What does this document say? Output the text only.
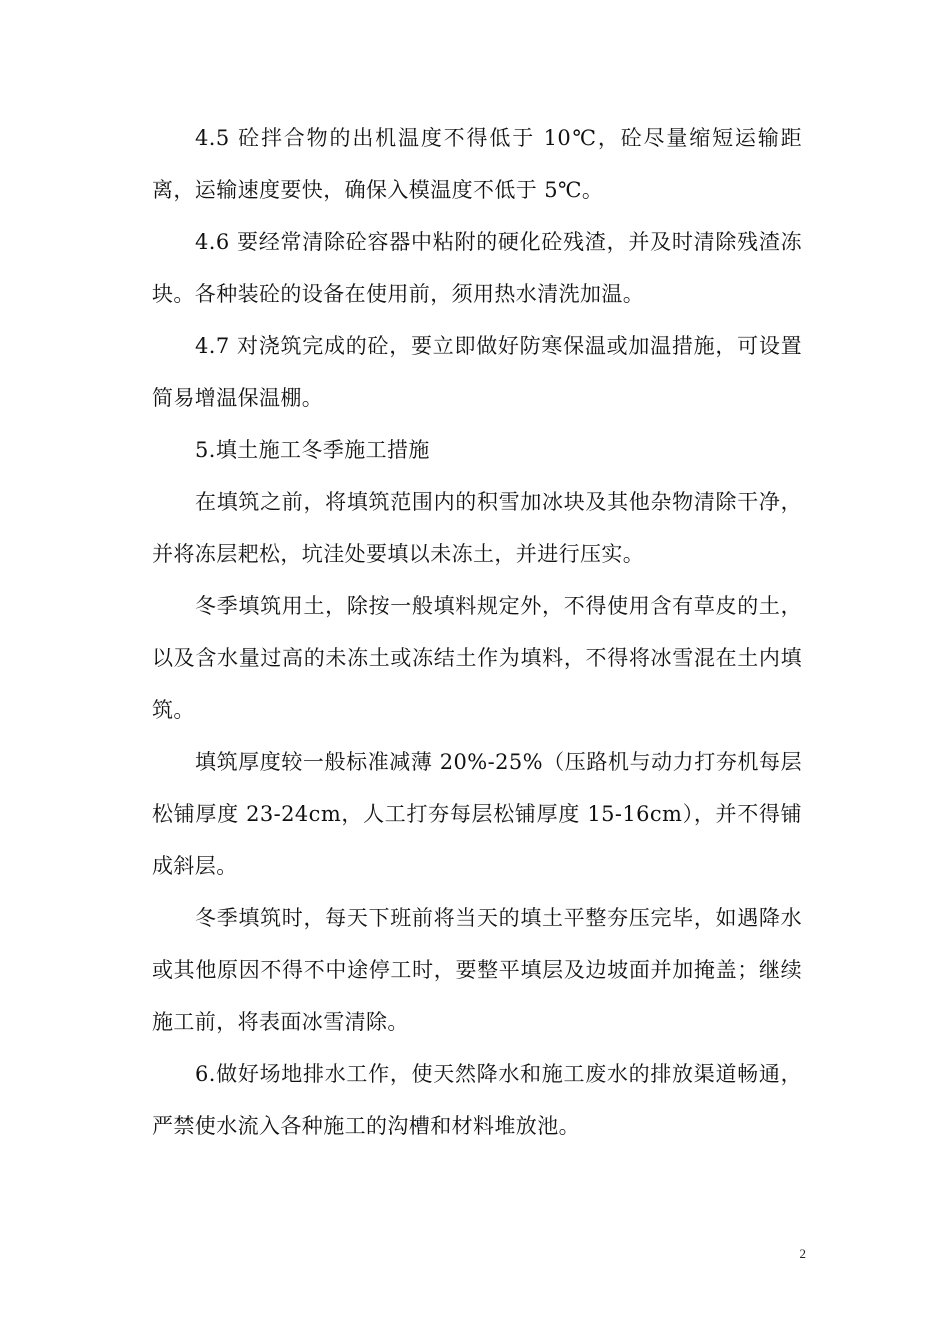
4.5 砼拌合物的出机温度不得低于 10℃，砼尽量缩短运输距离，运输速度要快，确保入模温度不低于 5℃。

4.6 要经常清除砼容器中粘附的硬化砼残渣，并及时清除残渣冻块。各种装砼的设备在使用前，须用热水清洗加温。

4.7 对浇筑完成的砼，要立即做好防寒保温或加温措施，可设置简易增温保温棚。

5.填土施工冬季施工措施

在填筑之前，将填筑范围内的积雪加冰块及其他杂物清除干净，并将冻层耙松，坑洼处要填以未冻土，并进行压实。

冬季填筑用土，除按一般填料规定外，不得使用含有草皮的土，以及含水量过高的未冻土或冻结土作为填料，不得将冰雪混在土内填筑。

填筑厚度较一般标准减薄 20%-25%（压路机与动力打夯机每层松铺厚度 23-24cm，人工打夯每层松铺厚度 15-16cm），并不得铺成斜层。

冬季填筑时，每天下班前将当天的填土平整夯压完毕，如遇降水或其他原因不得不中途停工时，要整平填层及边坡面并加掩盖；继续施工前，将表面冰雪清除。

6.做好场地排水工作，使天然降水和施工废水的排放渠道畅通，严禁使水流入各种施工的沟槽和材料堆放池。

2
